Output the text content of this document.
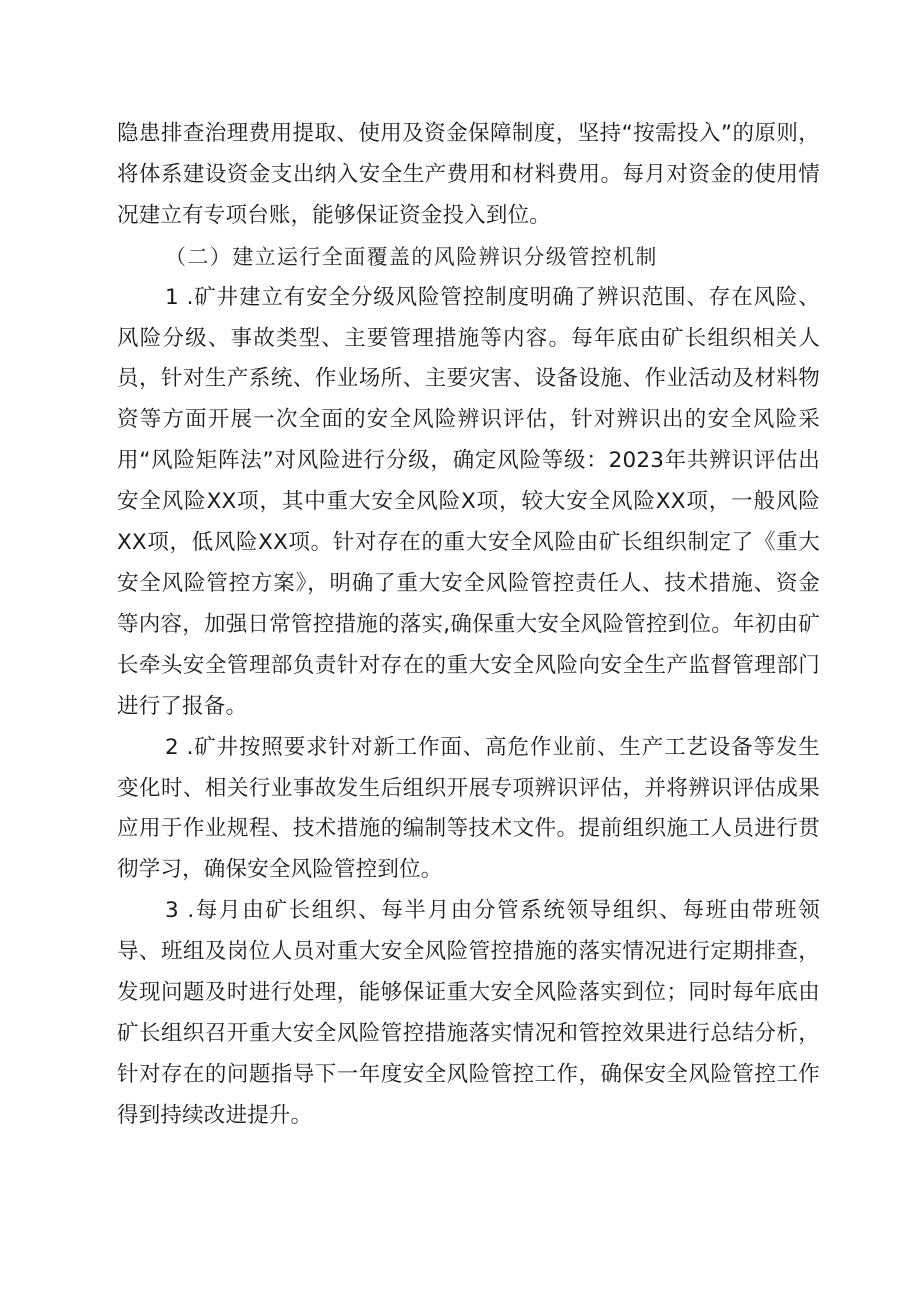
隐患排查治理费用提取、使用及资金保障制度，坚持“按需投入”的原则，将体系建设资金支出纳入安全生产费用和材料费用。每月对资金的使用情况建立有专项台账，能够保证资金投入到位。

（二）建立运行全面覆盖的风险辨识分级管控机制

1 .矿井建立有安全分级风险管控制度明确了辨识范围、存在风险、风险分级、事故类型、主要管理措施等内容。每年底由矿长组织相关人员，针对生产系统、作业场所、主要灾害、设备设施、作业活动及材料物资等方面开展一次全面的安全风险辨识评估，针对辨识出的安全风险采用“风险矩阵法”对风险进行分级，确定风险等级：2023年共辨识评估出安全风险XX项，其中重大安全风险X项，较大安全风险XX项，一般风险XX项，低风险XX项。针对存在的重大安全风险由矿长组织制定了《重大安全风险管控方案》，明确了重大安全风险管控责任人、技术措施、资金等内容，加强日常管控措施的落实,确保重大安全风险管控到位。年初由矿长牵头安全管理部负责针对存在的重大安全风险向安全生产监督管理部门进行了报备。

2 .矿井按照要求针对新工作面、高危作业前、生产工艺设备等发生变化时、相关行业事故发生后组织开展专项辨识评估，并将辨识评估成果应用于作业规程、技术措施的编制等技术文件。提前组织施工人员进行贯彻学习，确保安全风险管控到位。

3 .每月由矿长组织、每半月由分管系统领导组织、每班由带班领导、班组及岗位人员对重大安全风险管控措施的落实情况进行定期排查，发现问题及时进行处理，能够保证重大安全风险落实到位；同时每年底由矿长组织召开重大安全风险管控措施落实情况和管控效果进行总结分析，针对存在的问题指导下一年度安全风险管控工作，确保安全风险管控工作得到持续改进提升。
